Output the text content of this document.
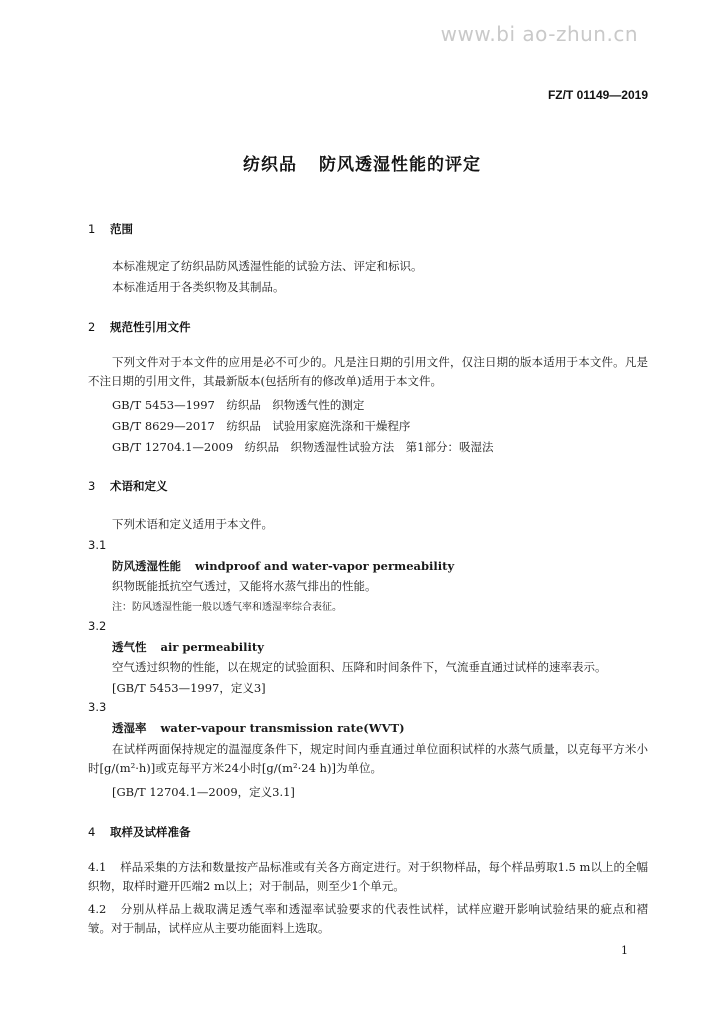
www.bi ao-zhun.cn
FZ/T 01149—2019
纺织品 防风透湿性能的评定
1 范围
本标准规定了纺织品防风透湿性能的试验方法、评定和标识。
本标准适用于各类织物及其制品。
2 规范性引用文件
下列文件对于本文件的应用是必不可少的。凡是注日期的引用文件，仅注日期的版本适用于本文件。凡是不注日期的引用文件，其最新版本(包括所有的修改单)适用于本文件。
GB/T 5453—1997　纺织品　织物透气性的测定
GB/T 8629—2017　纺织品　试验用家庭洗涤和干燥程序
GB/T 12704.1—2009　纺织品　织物透湿性试验方法　第1部分：吸湿法
3 术语和定义
下列术语和定义适用于本文件。
3.1
防风透湿性能 windproof and water-vapor permeability
织物既能抵抗空气透过，又能将水蒸气排出的性能。
注：防风透湿性能一般以透气率和透湿率综合表征。
3.2
透气性 air permeability
空气透过织物的性能，以在规定的试验面积、压降和时间条件下，气流垂直通过试样的速率表示。
[GB/T 5453—1997，定义3]
3.3
透湿率 water-vapour transmission rate(WVT)
在试样两面保持规定的温湿度条件下，规定时间内垂直通过单位面积试样的水蒸气质量，以克每平方米小时[g/(m²·h)]或克每平方米24小时[g/(m²·24 h)]为单位。
[GB/T 12704.1—2009，定义3.1]
4 取样及试样准备
4.1 样品采集的方法和数量按产品标准或有关各方商定进行。对于织物样品，每个样品剪取1.5 m以上的全幅织物，取样时避开匹端2 m以上；对于制品，则至少1个单元。
4.2 分别从样品上裁取满足透气率和透湿率试验要求的代表性试样，试样应避开影响试验结果的疵点和褶皱。对于制品，试样应从主要功能面料上选取。
1
